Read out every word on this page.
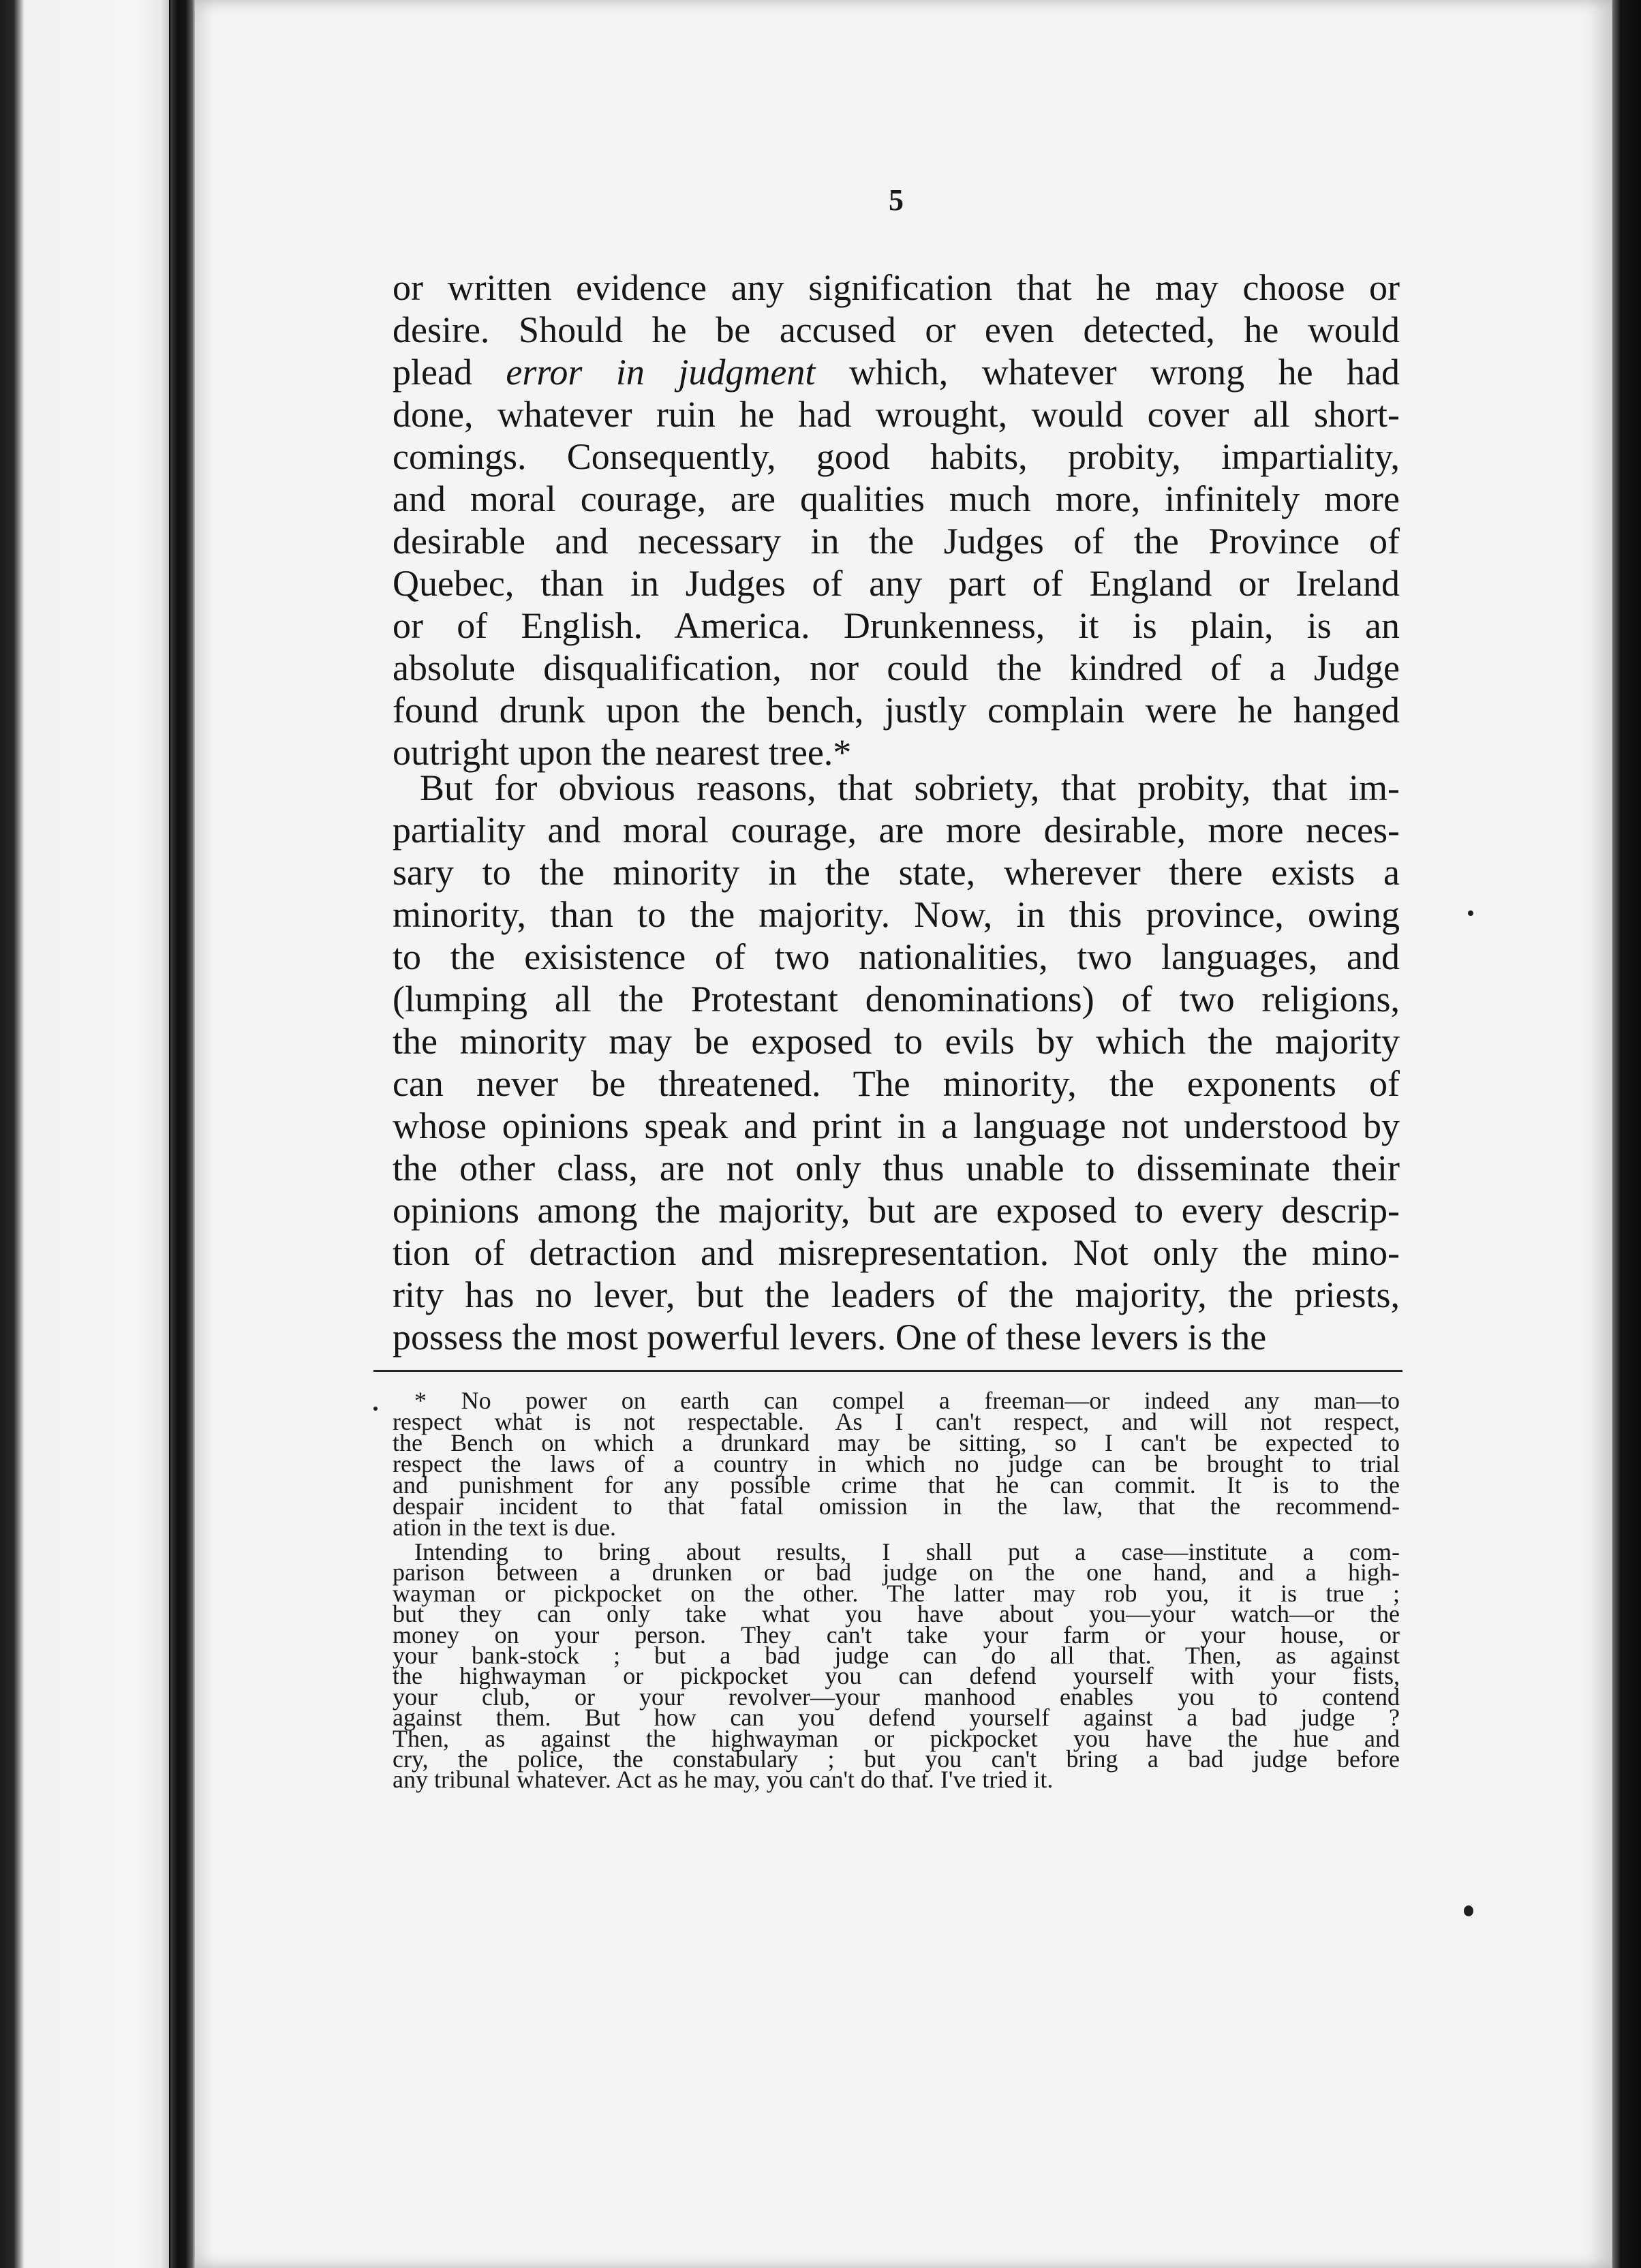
5
or written evidence any signification that he may choose or
desire. Should he be accused or even detected, he would
plead error in judgment which, whatever wrong he had
done, whatever ruin he had wrought, would cover all short-
comings. Consequently, good habits, probity, impartiality,
and moral courage, are qualities much more, infinitely more
desirable and necessary in the Judges of the Province of
Quebec, than in Judges of any part of England or Ireland
or of English. America. Drunkenness, it is plain, is an
absolute disqualification, nor could the kindred of a Judge
found drunk upon the bench, justly complain were he hanged
outright upon the nearest tree.*
But for obvious reasons, that sobriety, that probity, that im-
partiality and moral courage, are more desirable, more neces-
sary to the minority in the state, wherever there exists a
minority, than to the majority. Now, in this province, owing
to the exisistence of two nationalities, two languages, and
(lumping all the Protestant denominations) of two religions,
the minority may be exposed to evils by which the majority
can never be threatened. The minority, the exponents of
whose opinions speak and print in a language not understood by
the other class, are not only thus unable to disseminate their
opinions among the majority, but are exposed to every descrip-
tion of detraction and misrepresentation. Not only the mino-
rity has no lever, but the leaders of the majority, the priests,
possess the most powerful levers. One of these levers is the
* No power on earth can compel a freeman—or indeed any man—to
respect what is not respectable. As I can't respect, and will not respect,
the Bench on which a drunkard may be sitting, so I can't be expected to
respect the laws of a country in which no judge can be brought to trial
and punishment for any possible crime that he can commit. It is to the
despair incident to that fatal omission in the law, that the recommend-
ation in the text is due.
Intending to bring about results, I shall put a case—institute a com-
parison between a drunken or bad judge on the one hand, and a high-
wayman or pickpocket on the other. The latter may rob you, it is true ;
but they can only take what you have about you—your watch—or the
money on your person. They can't take your farm or your house, or
your bank-stock ; but a bad judge can do all that. Then, as against
the highwayman or pickpocket you can defend yourself with your fists,
your club, or your revolver—your manhood enables you to contend
against them. But how can you defend yourself against a bad judge ?
Then, as against the highwayman or pickpocket you have the hue and
cry, the police, the constabulary ; but you can't bring a bad judge before
any tribunal whatever. Act as he may, you can't do that. I've tried it.
